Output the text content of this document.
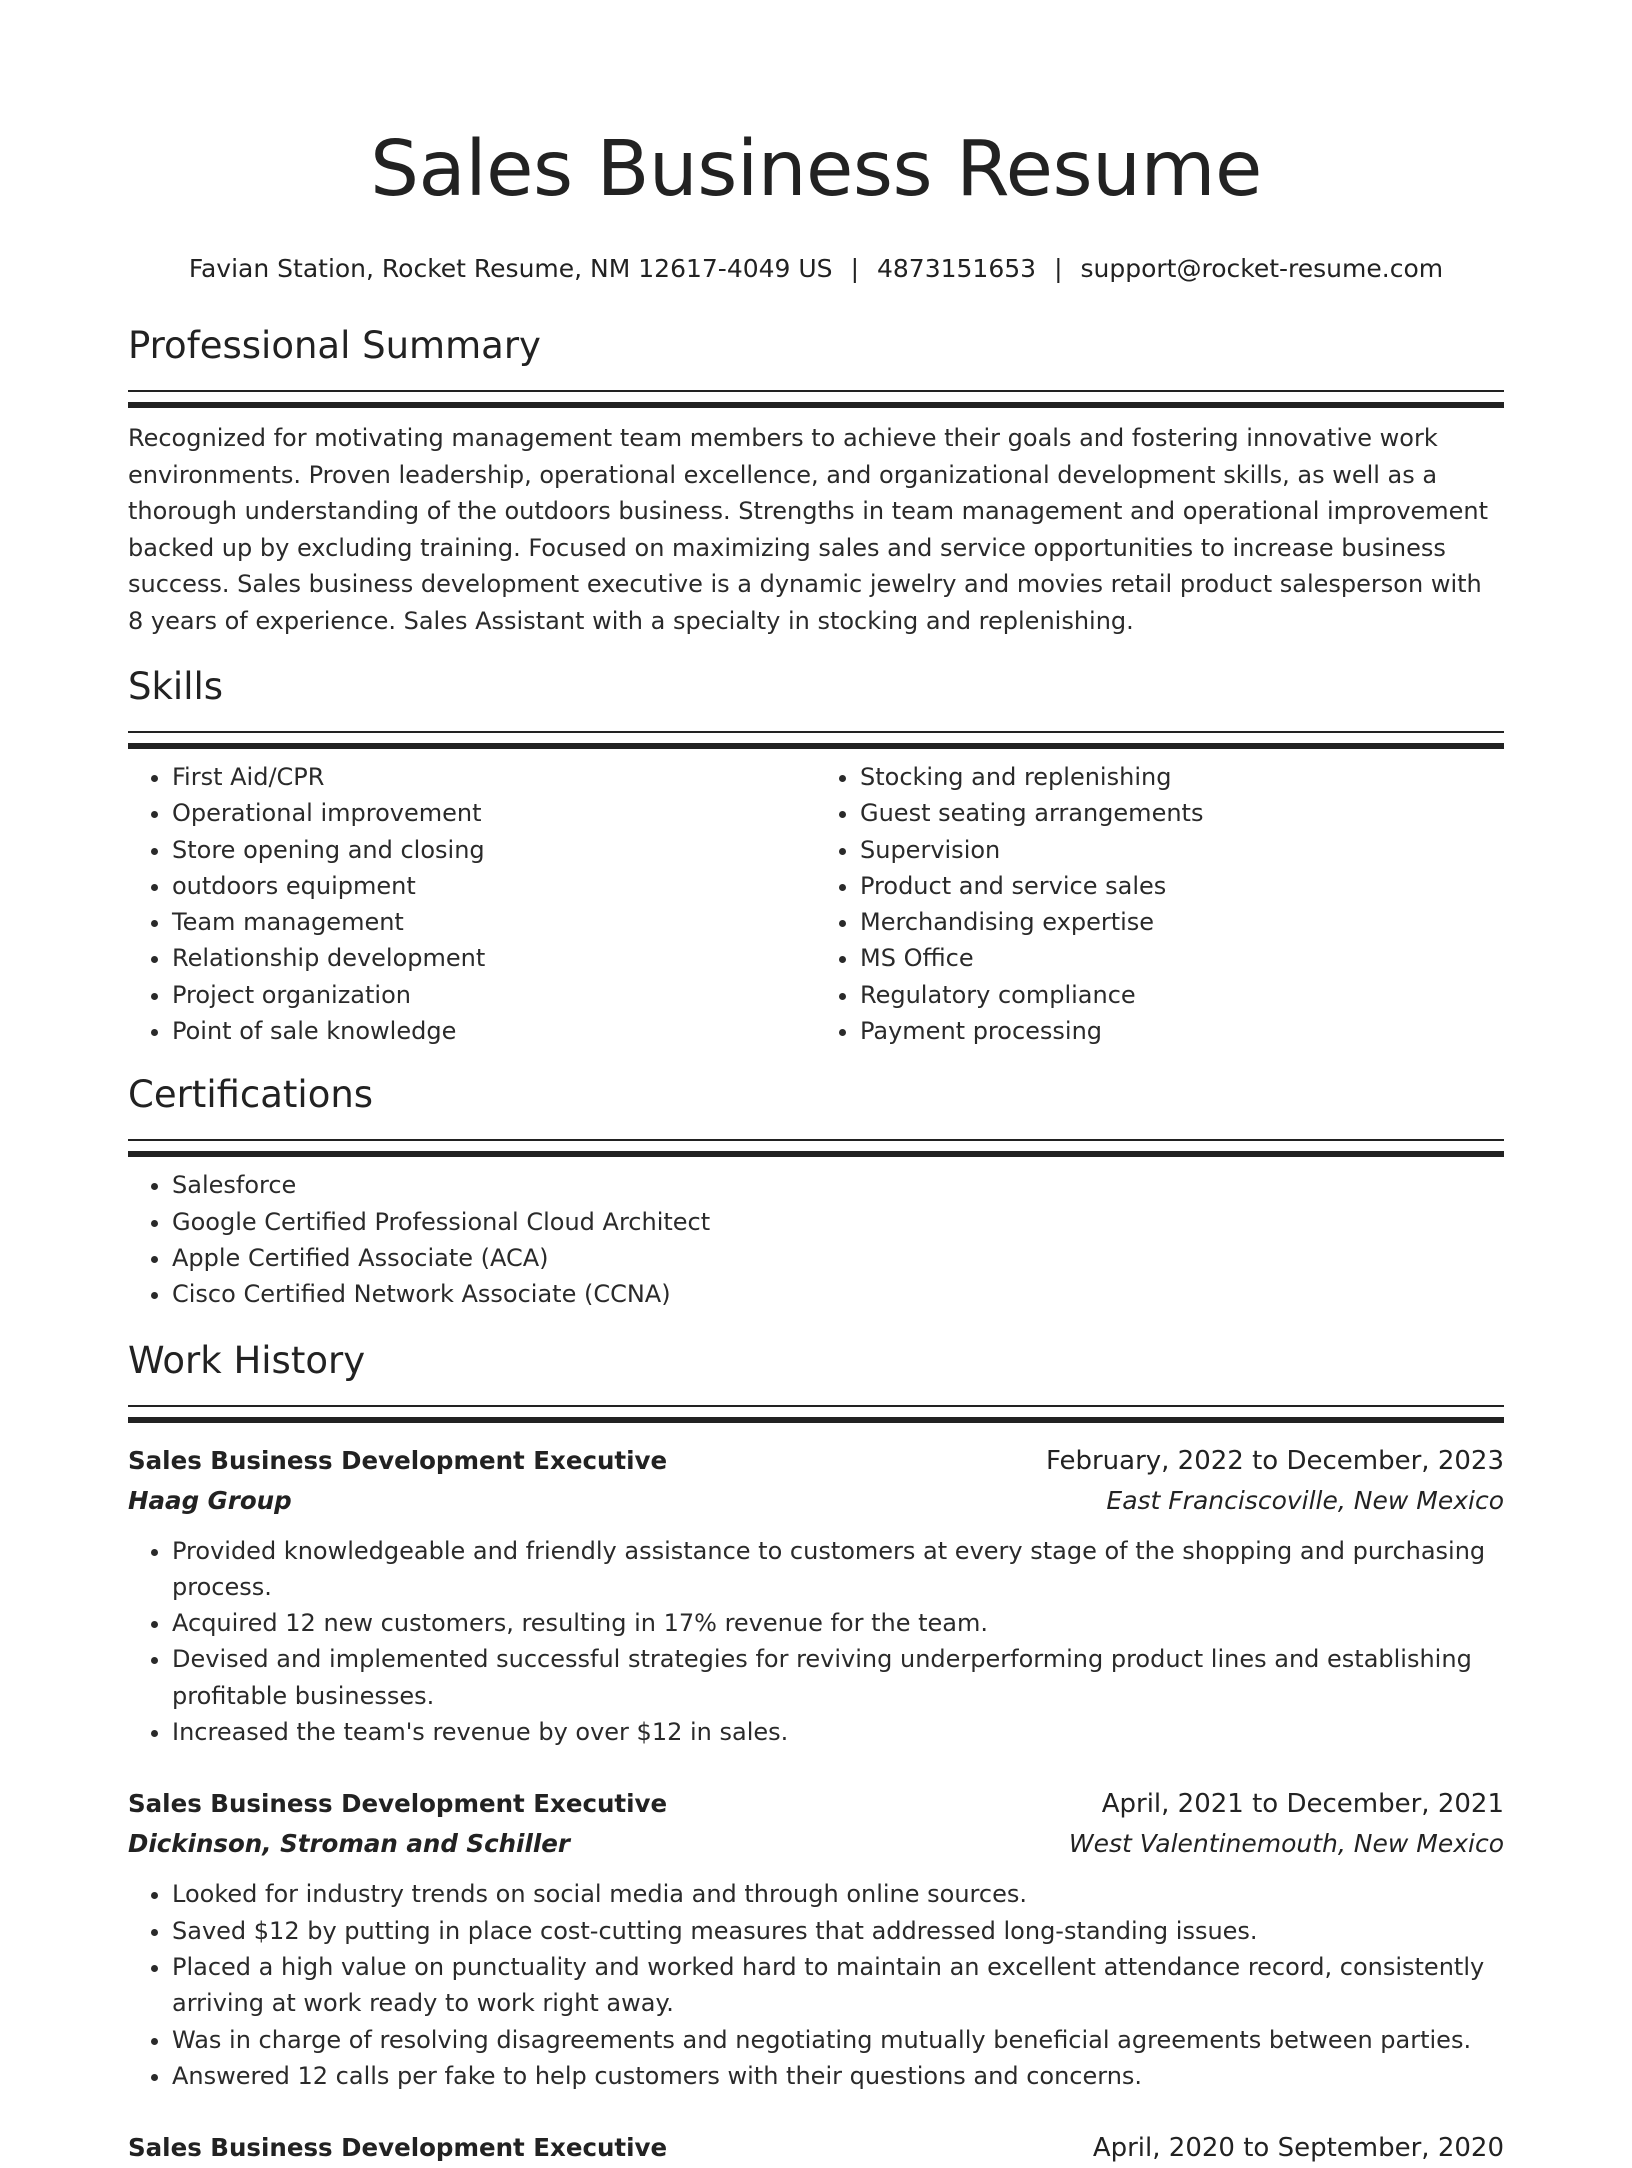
Sales Business Resume
Favian Station, Rocket Resume, NM 12617-4049 US | 4873151653 | support@rocket-resume.com
Professional Summary
Recognized for motivating management team members to achieve their goals and fostering innovative work environments. Proven leadership, operational excellence, and organizational development skills, as well as a thorough understanding of the outdoors business. Strengths in team management and operational improvement backed up by excluding training. Focused on maximizing sales and service opportunities to increase business success. Sales business development executive is a dynamic jewelry and movies retail product salesperson with 8 years of experience. Sales Assistant with a specialty in stocking and replenishing.
Skills
• First Aid/CPR
• Operational improvement
• Store opening and closing
• outdoors equipment
• Team management
• Relationship development
• Project organization
• Point of sale knowledge
• Stocking and replenishing
• Guest seating arrangements
• Supervision
• Product and service sales
• Merchandising expertise
• MS Office
• Regulatory compliance
• Payment processing
Certifications
• Salesforce
• Google Certified Professional Cloud Architect
• Apple Certified Associate (ACA)
• Cisco Certified Network Associate (CCNA)
Work History
Sales Business Development Executive	February, 2022 to December, 2023
Haag Group	East Franciscoville, New Mexico
• Provided knowledgeable and friendly assistance to customers at every stage of the shopping and purchasing process.
• Acquired 12 new customers, resulting in 17% revenue for the team.
• Devised and implemented successful strategies for reviving underperforming product lines and establishing profitable businesses.
• Increased the team's revenue by over $12 in sales.
Sales Business Development Executive	April, 2021 to December, 2021
Dickinson, Stroman and Schiller	West Valentinemouth, New Mexico
• Looked for industry trends on social media and through online sources.
• Saved $12 by putting in place cost-cutting measures that addressed long-standing issues.
• Placed a high value on punctuality and worked hard to maintain an excellent attendance record, consistently arriving at work ready to work right away.
• Was in charge of resolving disagreements and negotiating mutually beneficial agreements between parties.
• Answered 12 calls per fake to help customers with their questions and concerns.
Sales Business Development Executive	April, 2020 to September, 2020
